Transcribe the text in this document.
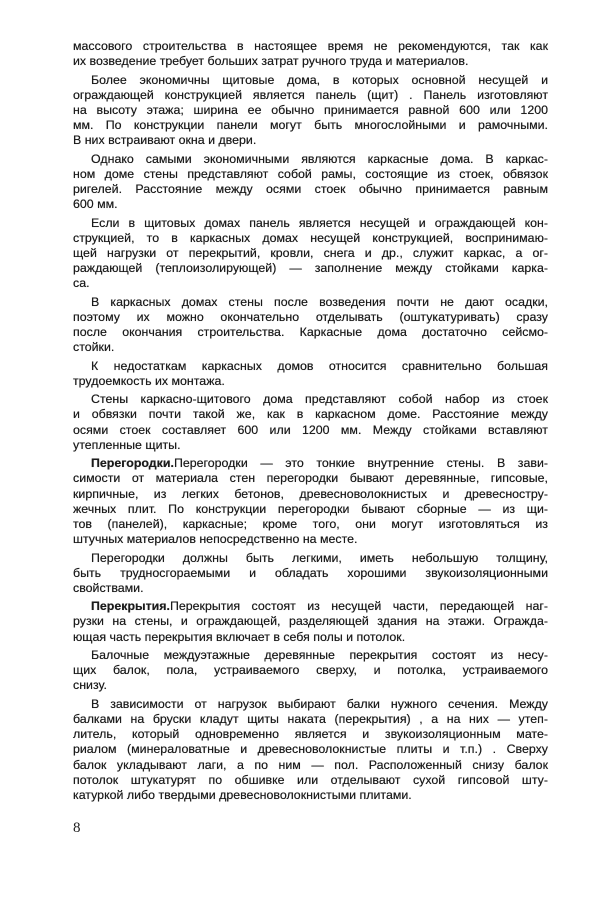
массового строительства в настоящее время не рекомендуются, так как
их возведение требует больших затрат ручного труда и материалов.
Более экономичны щитовые дома, в которых основной несущей и
ограждающей конструкцией является панель (щит) . Панель изготовляют
на высоту этажа; ширина ее обычно принимается равной 600 или 1200
мм. По конструкции панели могут быть многослойными и рамочными.
В них встраивают окна и двери.
Однако самыми экономичными являются каркасные дома. В каркас-
ном доме стены представляют собой рамы, состоящие из стоек, обвязок
ригелей. Расстояние между осями стоек обычно принимается равным
600 мм.
Если в щитовых домах панель является несущей и ограждающей кон-
струкцией, то в каркасных домах несущей конструкцией, воспринимаю-
щей нагрузки от перекрытий, кровли, снега и др., служит каркас, а ог-
раждающей (теплоизолирующей) — заполнение между стойками карка-
са.
В каркасных домах стены после возведения почти не дают осадки,
поэтому их можно окончательно отделывать (оштукатуривать) сразу
после окончания строительства. Каркасные дома достаточно сейсмо-
стойки.
К недостаткам каркасных домов относится сравнительно большая
трудоемкость их монтажа.
Стены каркасно-щитового дома представляют собой набор из стоек
и обвязки почти такой же, как в каркасном доме. Расстояние между
осями стоек составляет 600 или 1200 мм. Между стойками вставляют
утепленные щиты.
Перегородки. Перегородки — это тонкие внутренние стены. В зави-
симости от материала стен перегородки бывают деревянные, гипсовые,
кирпичные, из легких бетонов, древесноволокнистых и древесностру-
жечных плит. По конструкции перегородки бывают сборные — из щи-
тов (панелей), каркасные; кроме того, они могут изготовляться из
штучных материалов непосредственно на месте.
Перегородки должны быть легкими, иметь небольшую толщину,
быть трудносгораемыми и обладать хорошими звукоизоляционными
свойствами.
Перекрытия. Перекрытия состоят из несущей части, передающей наг-
рузки на стены, и ограждающей, разделяющей здания на этажи. Огражда-
ющая часть перекрытия включает в себя полы и потолок.
Балочные междуэтажные деревянные перекрытия состоят из несу-
щих балок, пола, устраиваемого сверху, и потолка, устраиваемого
снизу.
В зависимости от нагрузок выбирают балки нужного сечения. Между
балками на бруски кладут щиты наката (перекрытия) , а на них — утеп-
литель, который одновременно является и звукоизоляционным мате-
риалом (минераловатные и древесноволокнистые плиты и т.п.) . Сверху
балок укладывают лаги, а по ним — пол. Расположенный снизу балок
потолок штукатурят по обшивке или отделывают сухой гипсовой шту-
катуркой либо твердыми древесноволокнистыми плитами.
8
